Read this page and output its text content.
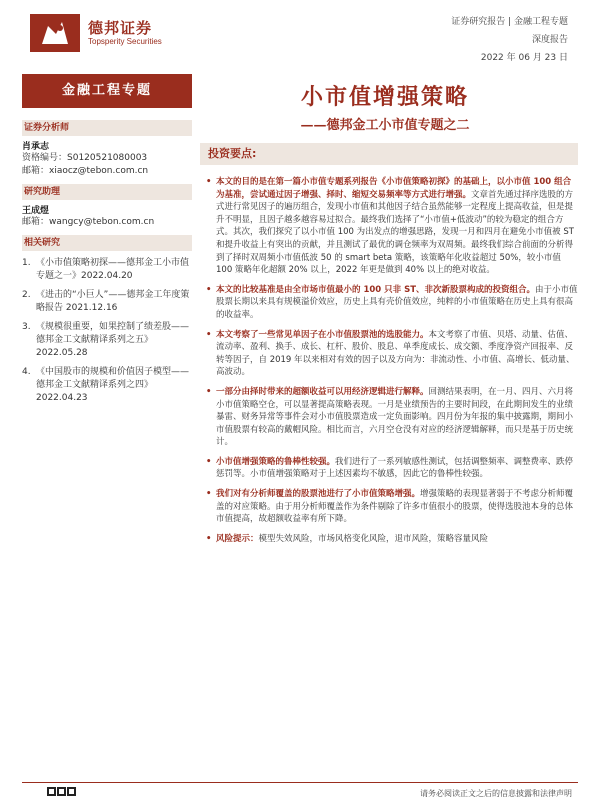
德邦证券
Topsperity Securities
证券研究报告 | 金融工程专题
深度报告
2022 年 06 月 23 日
金融工程专题	小市值增强策略
——德邦金工小市值专题之二
证券分析师
肖承志
资格编号：S0120521080003
邮箱：xiaocz@tebon.com.cn
研究助理
王成煜
邮箱：wangcy@tebon.com.cn
相关研究
1. 《小市值策略初探——德邦金工小市值专题之一》2022.04.20
2. 《进击的“小巨人”——德邦金工年度策略报告 2021.12.16
3. 《规模很重要，如果控制了绩差股——德邦金工文献精译系列之五》 2022.05.28
4. 《中国股市的规模和价值因子模型——德邦金工文献精译系列之四》 2022.04.23
投资要点:
• 本文的目的是在第一篇小市值专题系列报告《小市值策略初探》的基础上，以小市值 100 组合为基准，尝试通过因子增强、择时、缩短交易频率等方式进行增强。文章首先通过择序选股的方式进行常见因子的遍历组合，发现小市值和其他因子结合虽然能够一定程度上提高收益，但是提升不明显，且因子越多越容易过拟合。最终我们选择了“小市值+低波动”的较为稳定的组合方式。其次，我们探究了以小市值 100 为出发点的增强思路，发现一月和四月在避免小市值被 ST 和提升收益上有突出的贡献，并且测试了最优的调仓频率为双周频。最终我们综合前面的分析得到了择时双周频小市值低波 50 的 smart beta 策略，该策略年化收益超过 50%，较小市值 100 策略年化超额 20% 以上，2022 年更是做到 40% 以上的绝对收益。
• 本文的比较基准是由全市场市值最小的 100 只非 ST、非次新股票构成的投资组合。由于小市值股票长期以来具有规模溢价效应，历史上具有壳价值效应，纯粹的小市值策略在历史上具有很高的收益率。
• 本文考察了一些常见单因子在小市值股票池的选股能力。本文考察了市值、贝塔、动量、估值、流动率、盈利、换手、成长、杠杆、股价、股息、单季度成长、成交额、季度净资产回报率、反转等因子，自 2019 年以来相对有效的因子以及方向为：非流动性、小市值、高增长、低动量、高波动。
• 一部分由择时带来的超额收益可以用经济逻辑进行解释。回测结果表明，在一月、四月、六月将小市值策略空仓，可以显著提高策略表现。一月是业绩预告的主要时间段，在此期间发生的业绩暴雷、财务异常等事件会对小市值股票造成一定负面影响。四月份为年报的集中披露期，期间小市值股票有较高的戴帽风险。相比而言，六月空仓没有对应的经济逻辑解释，而只是基于历史统计。
• 小市值增强策略的鲁棒性较强。我们进行了一系列敏感性测试，包括调整频率、调整费率、跌停惩罚等。小市值增强策略对于上述因素均不敏感，因此它的鲁棒性较强。
• 我们对有分析师覆盖的股票池进行了小市值策略增强。增强策略的表现显著弱于不考虑分析师覆盖的对应策略。由于用分析师覆盖作为条件剔除了许多市值很小的股票，使得选股池本身的总体市值提高，故超额收益率有所下降。
• 风险提示：模型失效风险，市场风格变化风险，退市风险，策略容量风险
请务必阅读正文之后的信息披露和法律声明
